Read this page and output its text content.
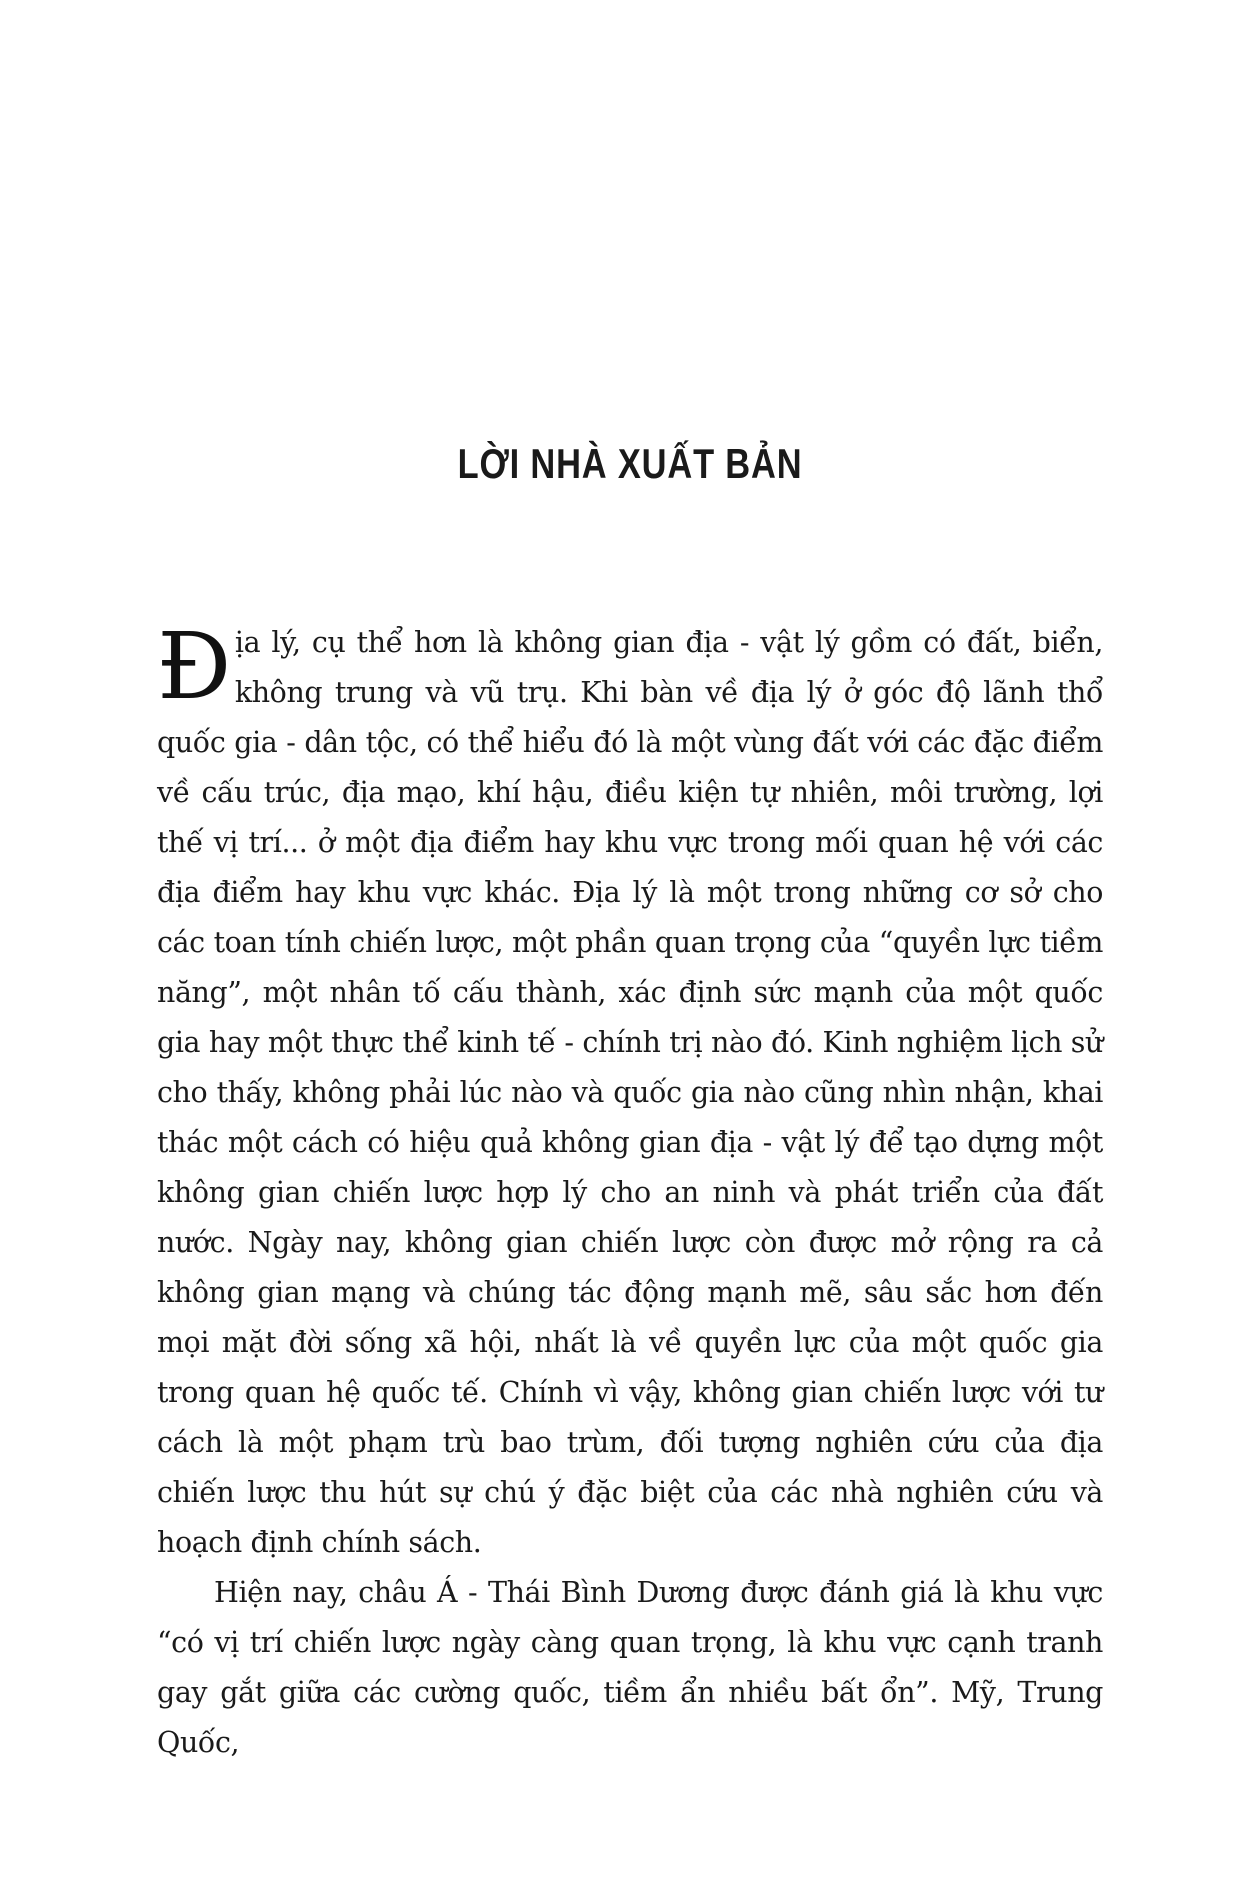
LỜI NHÀ XUẤT BẢN

Địa lý, cụ thể hơn là không gian địa - vật lý gồm có đất, biển, không trung và vũ trụ. Khi bàn về địa lý ở góc độ lãnh thổ quốc gia - dân tộc, có thể hiểu đó là một vùng đất với các đặc điểm về cấu trúc, địa mạo, khí hậu, điều kiện tự nhiên, môi trường, lợi thế vị trí... ở một địa điểm hay khu vực trong mối quan hệ với các địa điểm hay khu vực khác. Địa lý là một trong những cơ sở cho các toan tính chiến lược, một phần quan trọng của “quyền lực tiềm năng”, một nhân tố cấu thành, xác định sức mạnh của một quốc gia hay một thực thể kinh tế - chính trị nào đó. Kinh nghiệm lịch sử cho thấy, không phải lúc nào và quốc gia nào cũng nhìn nhận, khai thác một cách có hiệu quả không gian địa - vật lý để tạo dựng một không gian chiến lược hợp lý cho an ninh và phát triển của đất nước. Ngày nay, không gian chiến lược còn được mở rộng ra cả không gian mạng và chúng tác động mạnh mẽ, sâu sắc hơn đến mọi mặt đời sống xã hội, nhất là về quyền lực của một quốc gia trong quan hệ quốc tế. Chính vì vậy, không gian chiến lược với tư cách là một phạm trù bao trùm, đối tượng nghiên cứu của địa chiến lược thu hút sự chú ý đặc biệt của các nhà nghiên cứu và hoạch định chính sách.

Hiện nay, châu Á - Thái Bình Dương được đánh giá là khu vực “có vị trí chiến lược ngày càng quan trọng, là khu vực cạnh tranh gay gắt giữa các cường quốc, tiềm ẩn nhiều bất ổn”. Mỹ, Trung Quốc,
